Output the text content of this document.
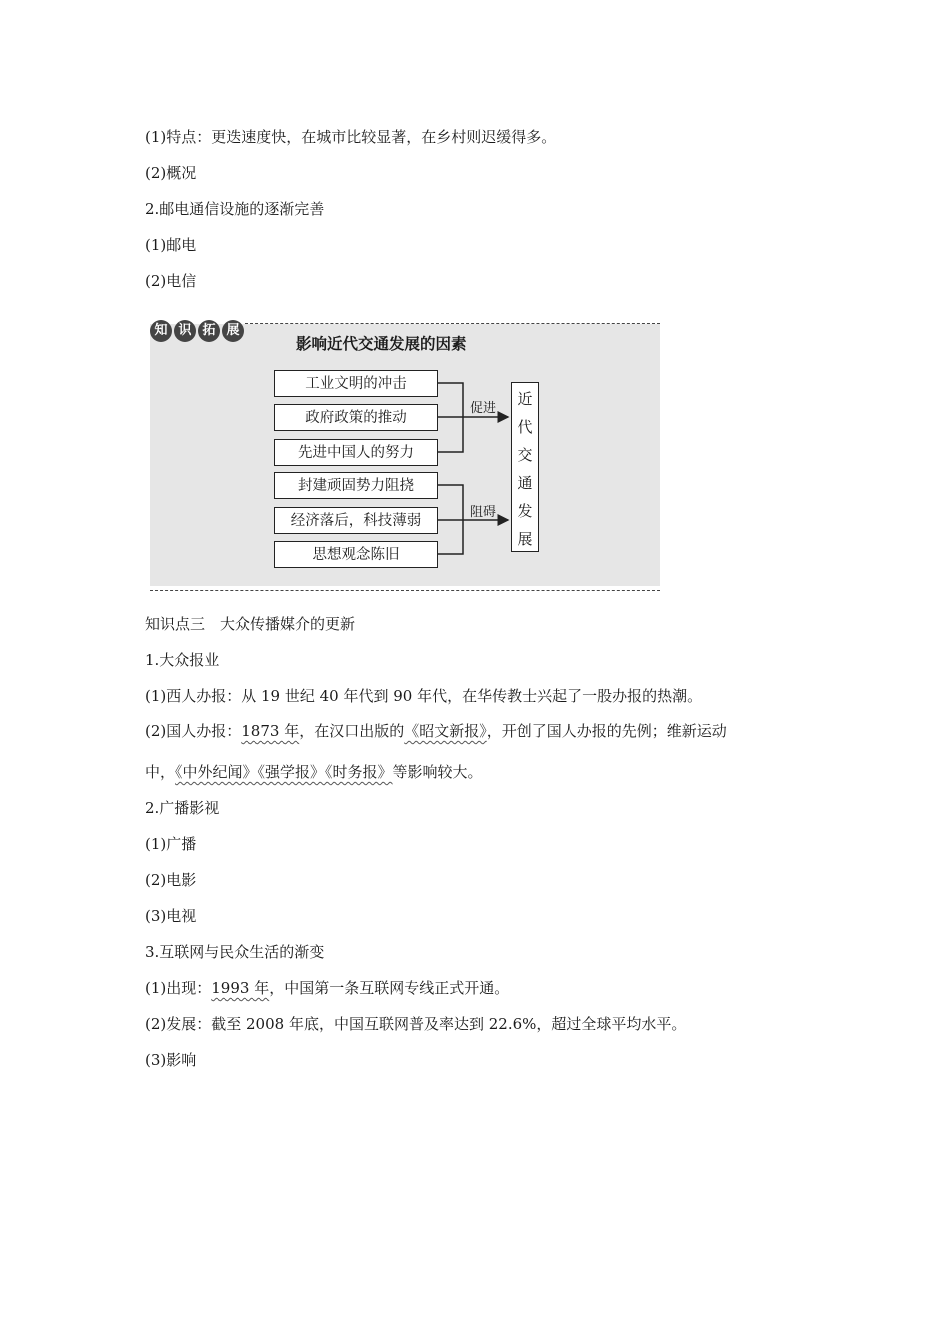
(1)特点：更迭速度快，在城市比较显著，在乡村则迟缓得多。
(2)概况
2.邮电通信设施的逐渐完善
(1)邮电
(2)电信
知 识 拓 展
影响近代交通发展的因素
工业文明的冲击
政府政策的推动
先进中国人的努力
封建顽固势力阻挠
经济落后，科技薄弱
思想观念陈旧
促进
阻碍
近
代
交
通
发
展
知识点三　大众传播媒介的更新
1.大众报业
(1)西人办报：从 19 世纪 40 年代到 90 年代，在华传教士兴起了一股办报的热潮。
(2)国人办报：1873 年，在汉口出版的《昭文新报》，开创了国人办报的先例；维新运动
中，《中外纪闻》《强学报》《时务报》等影响较大。
2.广播影视
(1)广播
(2)电影
(3)电视
3.互联网与民众生活的渐变
(1)出现：1993 年，中国第一条互联网专线正式开通。
(2)发展：截至 2008 年底，中国互联网普及率达到 22.6%，超过全球平均水平。
(3)影响
